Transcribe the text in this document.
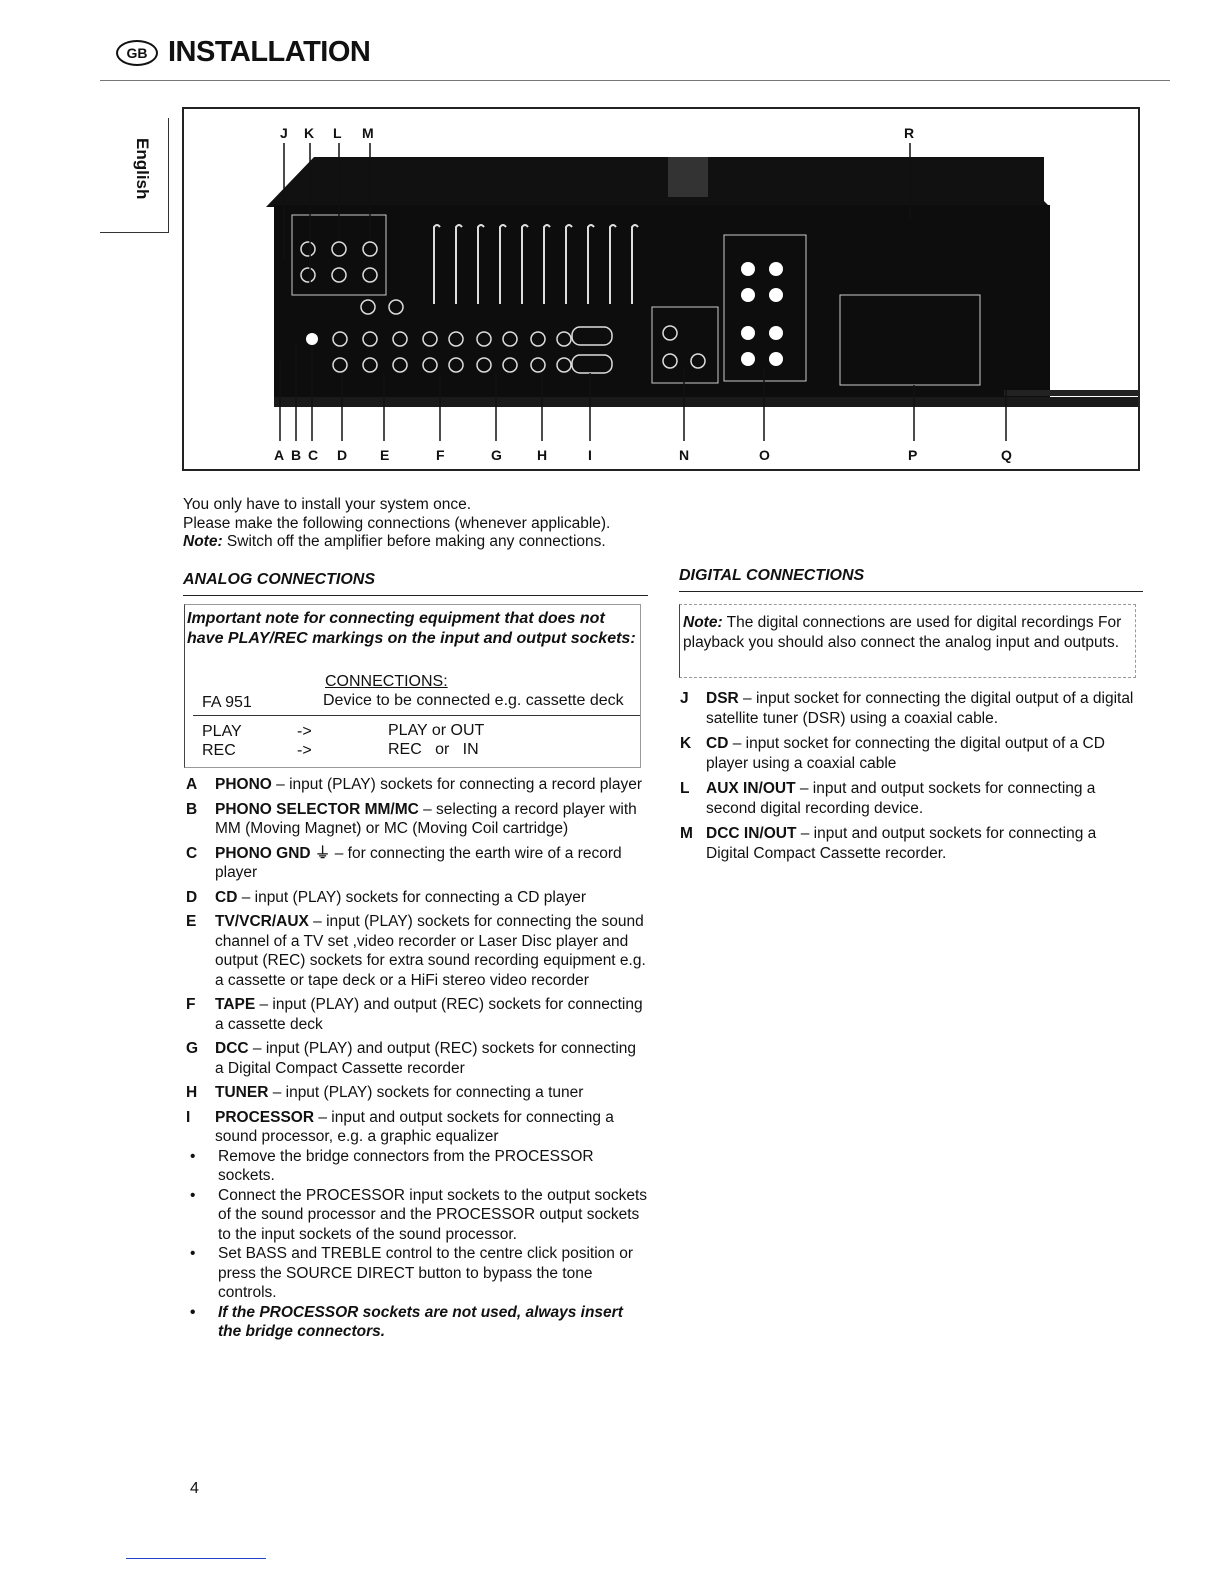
GB INSTALLATION
English
J K L M	R
A B C D E	F	G	H	I	N	O	P	Q
You only have to install your system once.
Please make the following connections (whenever applicable).
Note: Switch off the amplifier before making any connections.
ANALOG CONNECTIONS
Important note for connecting equipment that does not have PLAY/REC markings on the input and output sockets:
CONNECTIONS:
FA 951	Device to be connected e.g. cassette deck
PLAY	->	PLAY or OUT
REC	->	REC   or   IN
A PHONO – input (PLAY) sockets for connecting a record player
B PHONO SELECTOR MM/MC – selecting a record player with MM (Moving Magnet) or MC (Moving Coil cartridge)
C PHONO GND ⏚ – for connecting the earth wire of a record player
D CD – input (PLAY) sockets for connecting a CD player
E TV/VCR/AUX – input (PLAY) sockets for connecting the sound channel of a TV set ,video recorder or Laser Disc player and output (REC) sockets for extra sound recording equipment e.g. a cassette or tape deck or a HiFi stereo video recorder
F TAPE – input (PLAY) and output (REC) sockets for connecting a cassette deck
G DCC – input (PLAY) and output (REC) sockets for connecting a Digital Compact Cassette recorder
H TUNER – input (PLAY) sockets for connecting a tuner
I PROCESSOR – input and output sockets for connecting a sound processor, e.g. a graphic equalizer
• Remove the bridge connectors from the PROCESSOR sockets.
• Connect the PROCESSOR input sockets to the output sockets of the sound processor and the PROCESSOR output sockets to the input sockets of the sound processor.
• Set BASS and TREBLE control to the centre click position or press the SOURCE DIRECT button to bypass the tone controls.
• If the PROCESSOR sockets are not used, always insert the bridge connectors.
DIGITAL CONNECTIONS
Note: The digital connections are used for digital recordings For playback you should also connect the analog input and outputs.
J DSR – input socket for connecting the digital output of a digital satellite tuner (DSR) using a coaxial cable.
K CD – input socket for connecting the digital output of a CD player using a coaxial cable
L AUX IN/OUT – input and output sockets for connecting a second digital recording device.
M DCC IN/OUT – input and output sockets for connecting a Digital Compact Cassette recorder.
4
